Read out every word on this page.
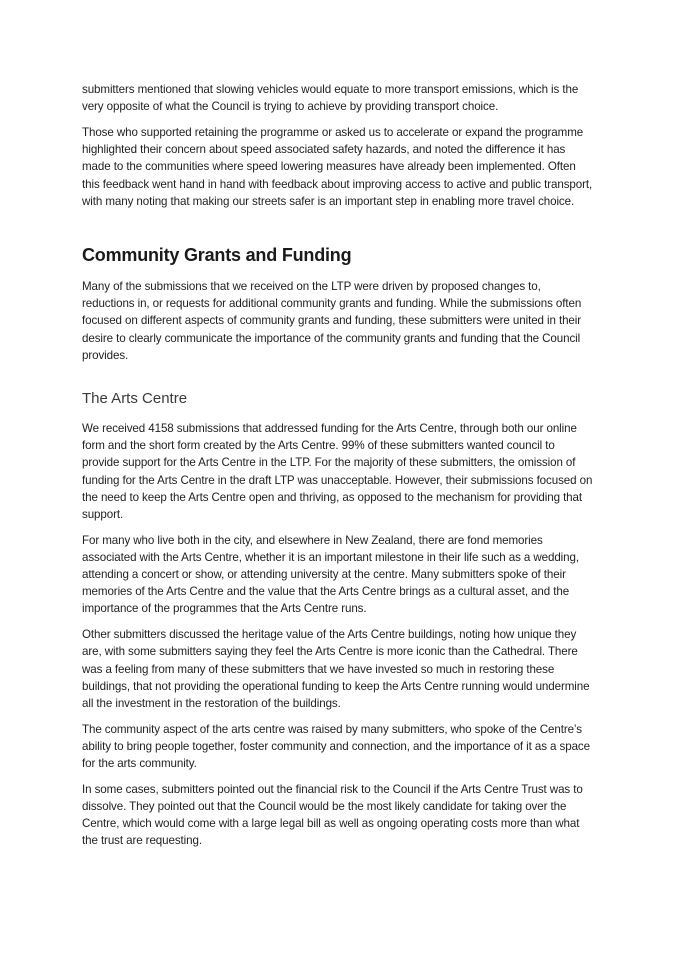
submitters mentioned that slowing vehicles would equate to more transport emissions, which is the very opposite of what the Council is trying to achieve by providing transport choice.

Those who supported retaining the programme or asked us to accelerate or expand the programme highlighted their concern about speed associated safety hazards, and noted the difference it has made to the communities where speed lowering measures have already been implemented. Often this feedback went hand in hand with feedback about improving access to active and public transport, with many noting that making our streets safer is an important step in enabling more travel choice.

Community Grants and Funding

Many of the submissions that we received on the LTP were driven by proposed changes to, reductions in, or requests for additional community grants and funding. While the submissions often focused on different aspects of community grants and funding, these submitters were united in their desire to clearly communicate the importance of the community grants and funding that the Council provides.

The Arts Centre

We received 4158 submissions that addressed funding for the Arts Centre, through both our online form and the short form created by the Arts Centre. 99% of these submitters wanted council to provide support for the Arts Centre in the LTP. For the majority of these submitters, the omission of funding for the Arts Centre in the draft LTP was unacceptable. However, their submissions focused on the need to keep the Arts Centre open and thriving, as opposed to the mechanism for providing that support.

For many who live both in the city, and elsewhere in New Zealand, there are fond memories associated with the Arts Centre, whether it is an important milestone in their life such as a wedding, attending a concert or show, or attending university at the centre. Many submitters spoke of their memories of the Arts Centre and the value that the Arts Centre brings as a cultural asset, and the importance of the programmes that the Arts Centre runs.

Other submitters discussed the heritage value of the Arts Centre buildings, noting how unique they are, with some submitters saying they feel the Arts Centre is more iconic than the Cathedral. There was a feeling from many of these submitters that we have invested so much in restoring these buildings, that not providing the operational funding to keep the Arts Centre running would undermine all the investment in the restoration of the buildings.

The community aspect of the arts centre was raised by many submitters, who spoke of the Centre’s ability to bring people together, foster community and connection, and the importance of it as a space for the arts community.

In some cases, submitters pointed out the financial risk to the Council if the Arts Centre Trust was to dissolve. They pointed out that the Council would be the most likely candidate for taking over the Centre, which would come with a large legal bill as well as ongoing operating costs more than what the trust are requesting.
